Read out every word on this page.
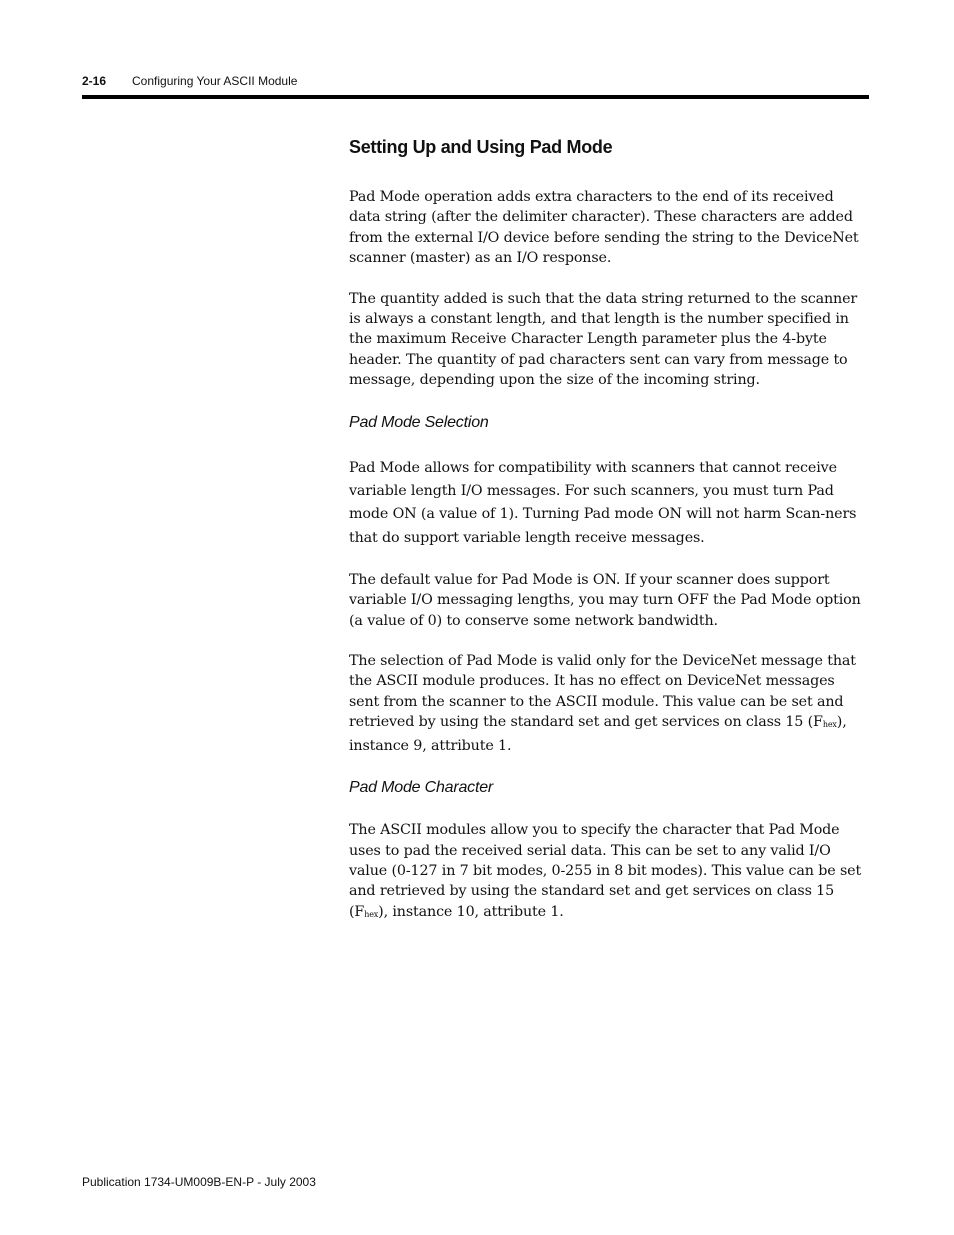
2-16 Configuring Your ASCII Module
Setting Up and Using Pad Mode

Pad Mode operation adds extra characters to the end of its received data string (after the delimiter character). These characters are added from the external I/O device before sending the string to the DeviceNet scanner (master) as an I/O response.

The quantity added is such that the data string returned to the scanner is always a constant length, and that length is the number specified in the maximum Receive Character Length parameter plus the 4-byte header. The quantity of pad characters sent can vary from message to message, depending upon the size of the incoming string.

Pad Mode Selection

Pad Mode allows for compatibility with scanners that cannot receive variable length I/O messages. For such scanners, you must turn Pad mode ON (a value of 1). Turning Pad mode ON will not harm Scan-ners that do support variable length receive messages.

The default value for Pad Mode is ON. If your scanner does support variable I/O messaging lengths, you may turn OFF the Pad Mode option (a value of 0) to conserve some network bandwidth.

The selection of Pad Mode is valid only for the DeviceNet message that the ASCII module produces. It has no effect on DeviceNet messages sent from the scanner to the ASCII module. This value can be set and retrieved by using the standard set and get services on class 15 (Fhex), instance 9, attribute 1.

Pad Mode Character

The ASCII modules allow you to specify the character that Pad Mode uses to pad the received serial data. This can be set to any valid I/O value (0-127 in 7 bit modes, 0-255 in 8 bit modes). This value can be set and retrieved by using the standard set and get services on class 15 (Fhex), instance 10, attribute 1.

Publication 1734-UM009B-EN-P - July 2003
